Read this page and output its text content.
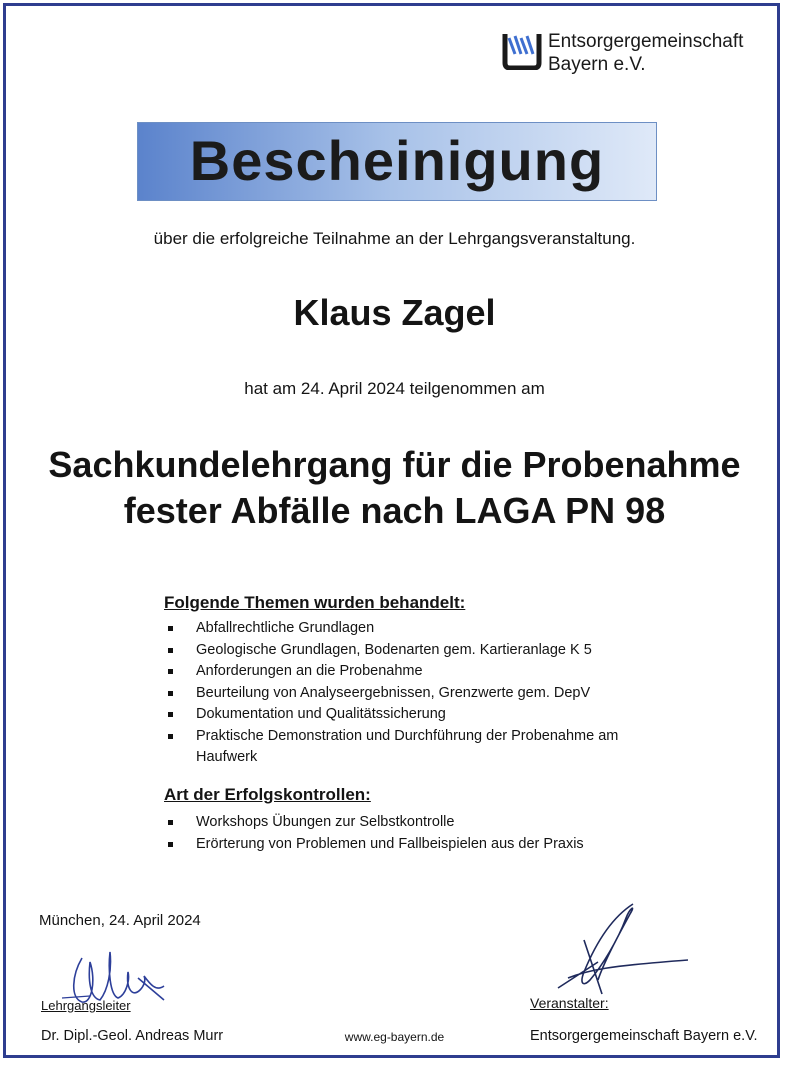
Entsorgergemeinschaft
Bayern e.V.
Bescheinigung
über die erfolgreiche Teilnahme an der Lehrgangsveranstaltung.
Klaus Zagel
hat am 24. April 2024 teilgenommen am
Sachkundelehrgang für die Probenahme
fester Abfälle nach LAGA PN 98
Folgende Themen wurden behandelt:
Abfallrechtliche Grundlagen
Geologische Grundlagen, Bodenarten gem. Kartieranlage K 5
Anforderungen an die Probenahme
Beurteilung von Analyseergebnissen, Grenzwerte gem. DepV
Dokumentation und Qualitätssicherung
Praktische Demonstration und Durchführung der Probenahme am Haufwerk
Art der Erfolgskontrollen:
Workshops Übungen zur Selbstkontrolle
Erörterung von Problemen und Fallbeispielen aus der Praxis
München, 24. April 2024
Lehrgangsleiter
Dr. Dipl.-Geol. Andreas Murr	www.eg-bayern.de
Veranstalter:
Entsorgergemeinschaft Bayern e.V.
